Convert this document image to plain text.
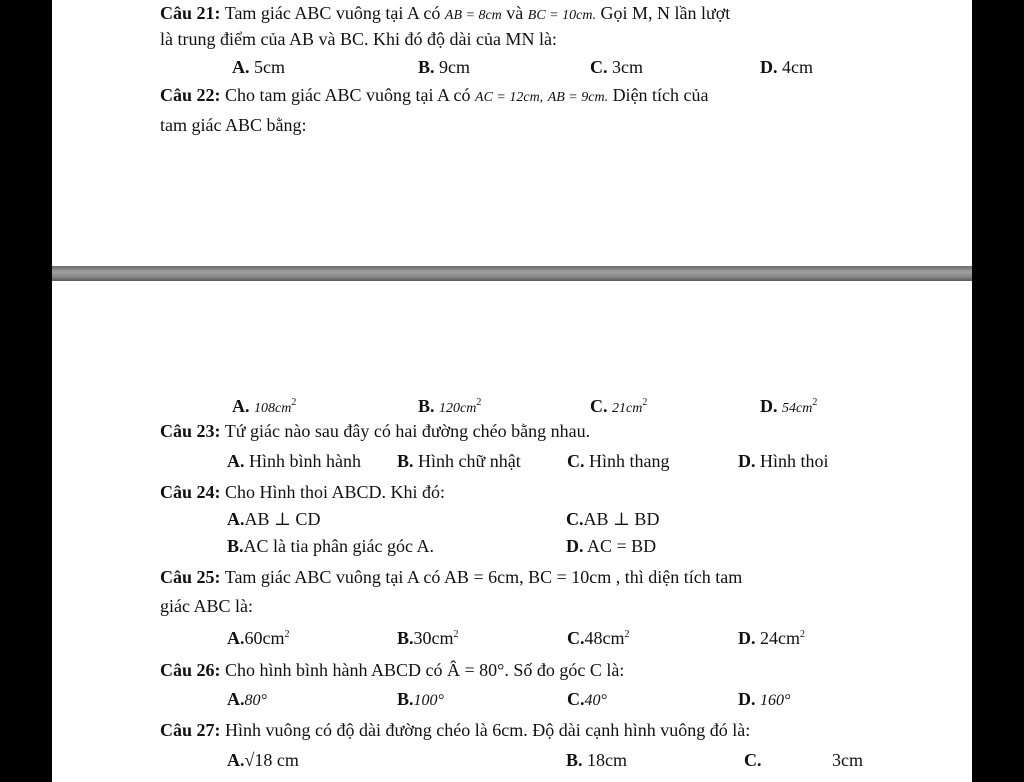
Câu 21: Tam giác ABC vuông tại A có AB = 8cm và BC = 10cm. Gọi M, N lần lượt
là trung điểm của AB và BC. Khi đó độ dài của MN là:
A. 5cm	B. 9cm	C. 3cm	D. 4cm
Câu 22: Cho tam giác ABC vuông tại A có AC = 12cm, AB = 9cm. Diện tích của
tam giác ABC bằng:
A. $108cm^2$	B. $120cm^2$	C. $21cm^2$	D. $54cm^2$
Câu 23: Tứ giác nào sau đây có hai đường chéo bằng nhau.
A. Hình bình hành B. Hình chữ nhật	C. Hình thang	D. Hình thoi
Câu 24: Cho Hình thoi ABCD. Khi đó:
A.AB ⊥ CD	C.AB ⊥ BD
B.AC là tia phân giác góc A.	D. AC = BD
Câu 25: Tam giác ABC vuông tại A có AB = 6cm, BC = 10cm , thì diện tích tam
giác ABC là:
$A.60cm^2$	$B.30cm^2$	$C.48cm^2$	D. $24cm^2$
Câu 26: Cho hình bình hành ABCD có Â = 80°. Số đo góc C là:
A.80°	B.100°	C.40°	D. 160°
Câu 27: Hình vuông có độ dài đường chéo là 6cm. Độ dài cạnh hình vuông đó là:
A.√18 cm	B. 18cm	C.	3cm
